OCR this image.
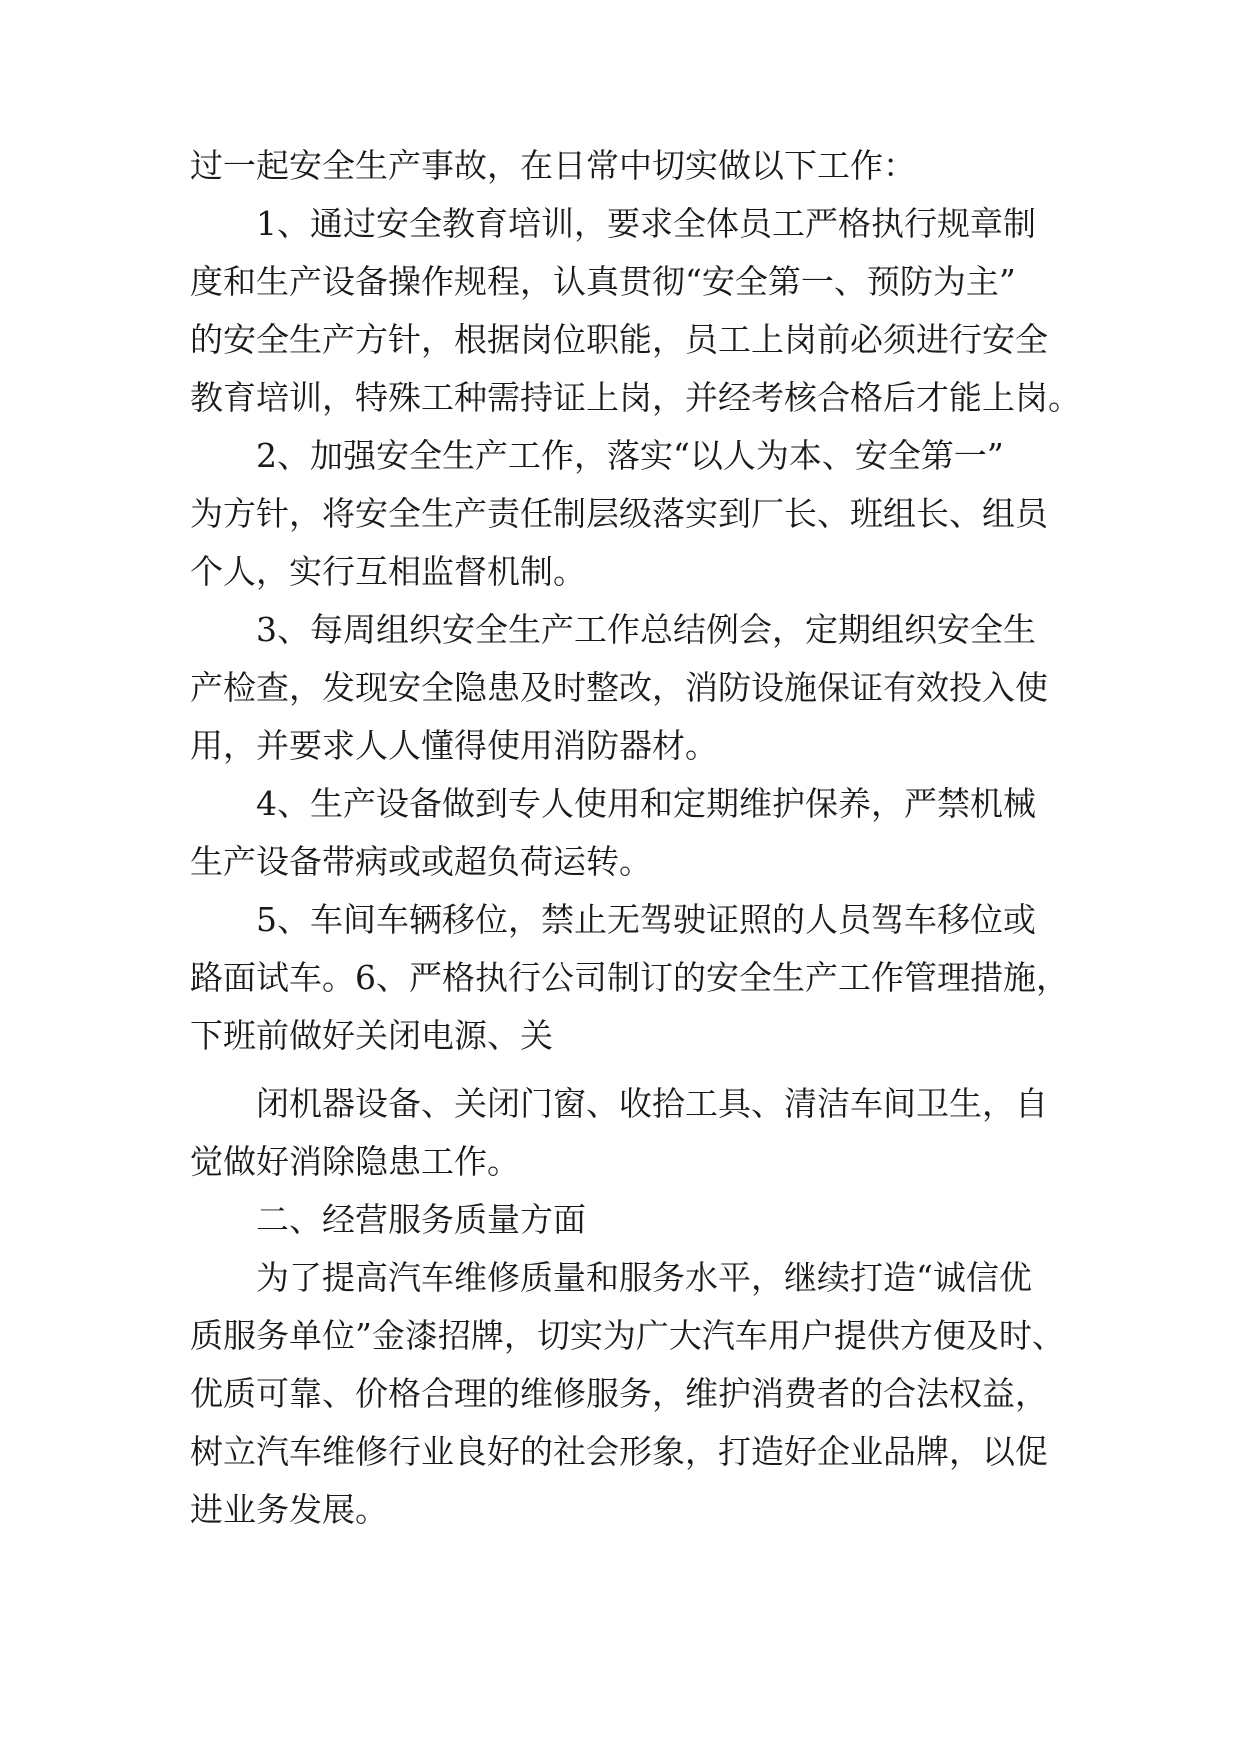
过一起安全生产事故，在日常中切实做以下工作：
1、通过安全教育培训，要求全体员工严格执行规章制
度和生产设备操作规程，认真贯彻“安全第一、预防为主”
的安全生产方针，根据岗位职能，员工上岗前必须进行安全
教育培训，特殊工种需持证上岗，并经考核合格后才能上岗。
2、加强安全生产工作，落实“以人为本、安全第一”
为方针，将安全生产责任制层级落实到厂长、班组长、组员
个人，实行互相监督机制。
3、每周组织安全生产工作总结例会，定期组织安全生
产检查，发现安全隐患及时整改，消防设施保证有效投入使
用，并要求人人懂得使用消防器材。
4、生产设备做到专人使用和定期维护保养，严禁机械
生产设备带病或或超负荷运转。
5、车间车辆移位，禁止无驾驶证照的人员驾车移位或
路面试车。6、严格执行公司制订的安全生产工作管理措施，
下班前做好关闭电源、关
闭机器设备、关闭门窗、收拾工具、清洁车间卫生，自
觉做好消除隐患工作。
二、经营服务质量方面
为了提高汽车维修质量和服务水平，继续打造“诚信优
质服务单位”金漆招牌，切实为广大汽车用户提供方便及时、
优质可靠、价格合理的维修服务，维护消费者的合法权益，
树立汽车维修行业良好的社会形象，打造好企业品牌，以促
进业务发展。
